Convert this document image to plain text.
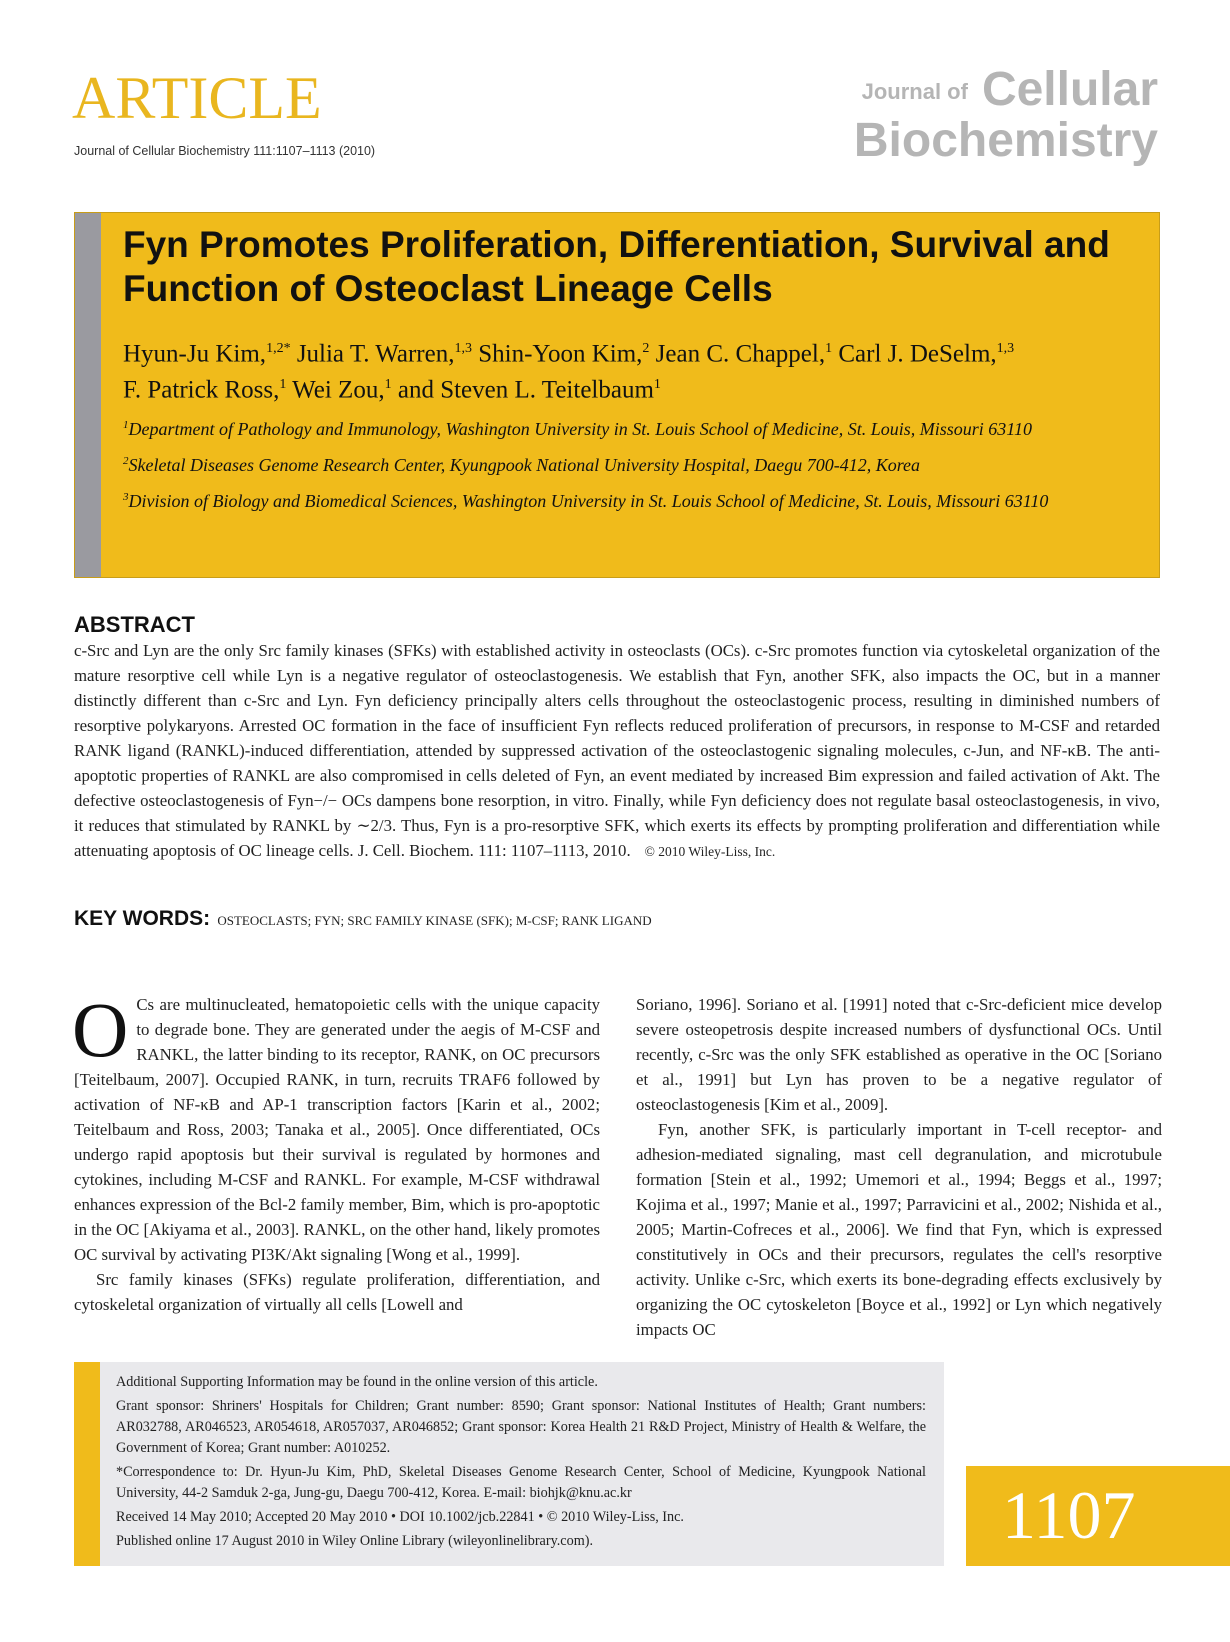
ARTICLE
Journal of Cellular Biochemistry 111:1107–1113 (2010)
Journal of Cellular
Biochemistry
Fyn Promotes Proliferation, Differentiation, Survival and Function of Osteoclast Lineage Cells
Hyun-Ju Kim,$^{1,2*}$ Julia T. Warren,$^{1,3}$ Shin-Yoon Kim,$^2$ Jean C. Chappel,$^1$ Carl J. DeSelm,$^{1,3}$
F. Patrick Ross,$^1$ Wei Zou,$^1$ and Steven L. Teitelbaum$^1$
$^1$Department of Pathology and Immunology, Washington University in St. Louis School of Medicine, St. Louis, Missouri 63110
$^2$Skeletal Diseases Genome Research Center, Kyungpook National University Hospital, Daegu 700-412, Korea
$^3$Division of Biology and Biomedical Sciences, Washington University in St. Louis School of Medicine, St. Louis, Missouri 63110
ABSTRACT
c-Src and Lyn are the only Src family kinases (SFKs) with established activity in osteoclasts (OCs). c-Src promotes function via cytoskeletal organization of the mature resorptive cell while Lyn is a negative regulator of osteoclastogenesis. We establish that Fyn, another SFK, also impacts the OC, but in a manner distinctly different than c-Src and Lyn. Fyn deficiency principally alters cells throughout the osteoclastogenic process, resulting in diminished numbers of resorptive polykaryons. Arrested OC formation in the face of insufficient Fyn reflects reduced proliferation of precursors, in response to M-CSF and retarded RANK ligand (RANKL)-induced differentiation, attended by suppressed activation of the osteoclastogenic signaling molecules, c-Jun, and NF-κB. The anti-apoptotic properties of RANKL are also compromised in cells deleted of Fyn, an event mediated by increased Bim expression and failed activation of Akt. The defective osteoclastogenesis of Fyn−/− OCs dampens bone resorption, in vitro. Finally, while Fyn deficiency does not regulate basal osteoclastogenesis, in vivo, it reduces that stimulated by RANKL by ∼2/3. Thus, Fyn is a pro-resorptive SFK, which exerts its effects by prompting proliferation and differentiation while attenuating apoptosis of OC lineage cells. J. Cell. Biochem. 111: 1107–1113, 2010. © 2010 Wiley-Liss, Inc.
KEY WORDS: OSTEOCLASTS; FYN; SRC FAMILY KINASE (SFK); M-CSF; RANK LIGAND
O Cs are multinucleated, hematopoietic cells with the unique capacity to degrade bone. They are generated under the aegis of M-CSF and RANKL, the latter binding to its receptor, RANK, on OC precursors [Teitelbaum, 2007]. Occupied RANK, in turn, recruits TRAF6 followed by activation of NF-κB and AP-1 transcription factors [Karin et al., 2002; Teitelbaum and Ross, 2003; Tanaka et al., 2005]. Once differentiated, OCs undergo rapid apoptosis but their survival is regulated by hormones and cytokines, including M-CSF and RANKL. For example, M-CSF withdrawal enhances expression of the Bcl-2 family member, Bim, which is pro-apoptotic in the OC [Akiyama et al., 2003]. RANKL, on the other hand, likely promotes OC survival by activating PI3K/Akt signaling [Wong et al., 1999].

Src family kinases (SFKs) regulate proliferation, differentiation, and cytoskeletal organization of virtually all cells [Lowell and

Soriano, 1996]. Soriano et al. [1991] noted that c-Src-deficient mice develop severe osteopetrosis despite increased numbers of dysfunctional OCs. Until recently, c-Src was the only SFK established as operative in the OC [Soriano et al., 1991] but Lyn has proven to be a negative regulator of osteoclastogenesis [Kim et al., 2009].

Fyn, another SFK, is particularly important in T-cell receptor- and adhesion-mediated signaling, mast cell degranulation, and microtubule formation [Stein et al., 1992; Umemori et al., 1994; Beggs et al., 1997; Kojima et al., 1997; Manie et al., 1997; Parravicini et al., 2002; Nishida et al., 2005; Martin-Cofreces et al., 2006]. We find that Fyn, which is expressed constitutively in OCs and their precursors, regulates the cell's resorptive activity. Unlike c-Src, which exerts its bone-degrading effects exclusively by organizing the OC cytoskeleton [Boyce et al., 1992] or Lyn which negatively impacts OC

Additional Supporting Information may be found in the online version of this article.

Grant sponsor: Shriners' Hospitals for Children; Grant number: 8590; Grant sponsor: National Institutes of Health; Grant numbers: AR032788, AR046523, AR054618, AR057037, AR046852; Grant sponsor: Korea Health 21 R&D Project, Ministry of Health & Welfare, the Government of Korea; Grant number: A010252.

*Correspondence to: Dr. Hyun-Ju Kim, PhD, Skeletal Diseases Genome Research Center, School of Medicine, Kyungpook National University, 44-2 Samduk 2-ga, Jung-gu, Daegu 700-412, Korea. E-mail: biohjk@knu.ac.kr

Received 14 May 2010; Accepted 20 May 2010 • DOI 10.1002/jcb.22841 • © 2010 Wiley-Liss, Inc.

Published online 17 August 2010 in Wiley Online Library (wileyonlinelibrary.com).	1107
